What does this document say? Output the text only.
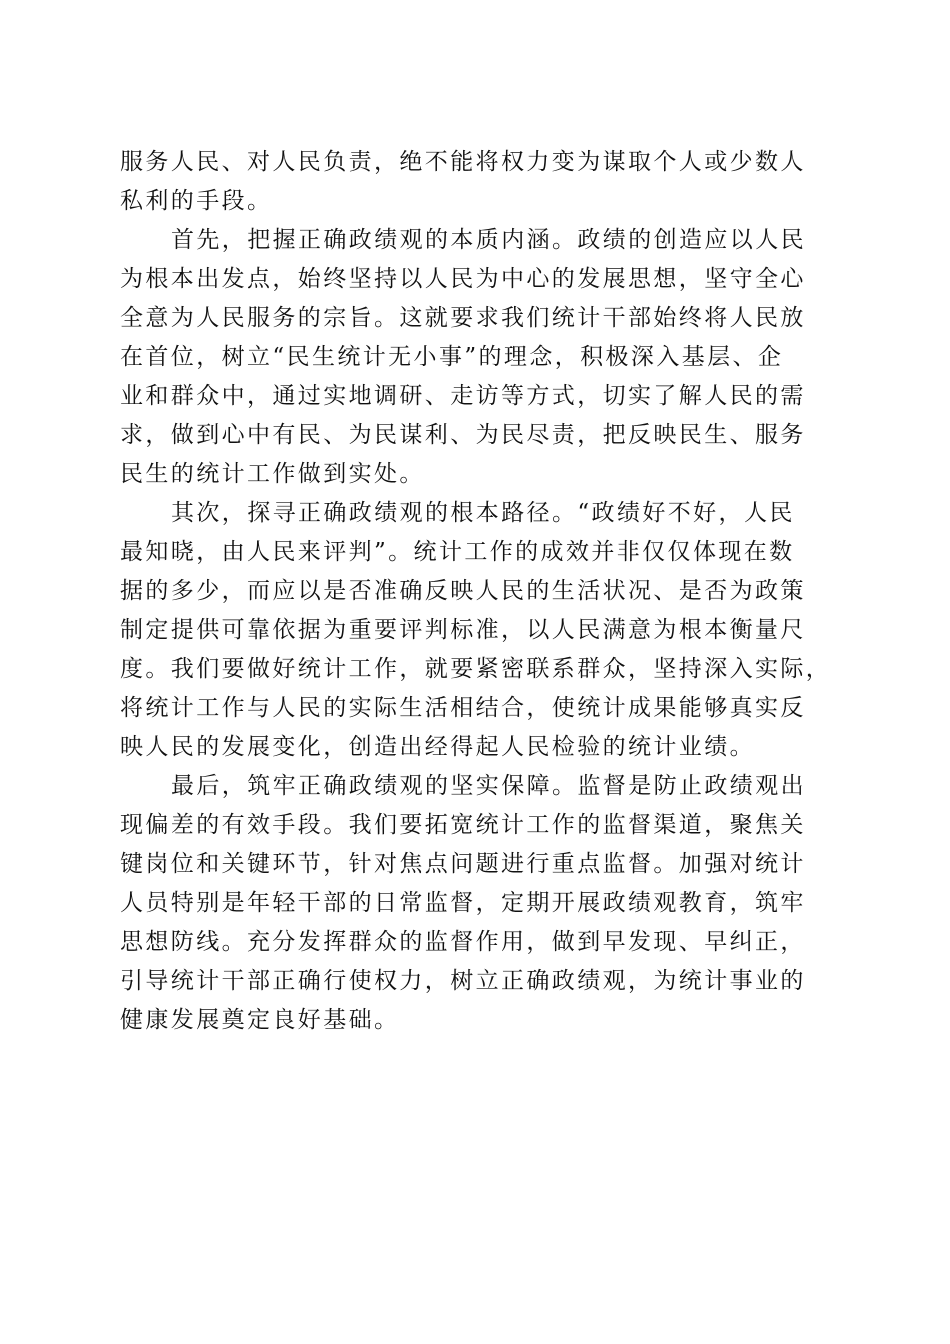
服务人民、对人民负责，绝不能将权力变为谋取个人或少数人
私利的手段。
首先，把握正确政绩观的本质内涵。政绩的创造应以人民
为根本出发点，始终坚持以人民为中心的发展思想，坚守全心
全意为人民服务的宗旨。这就要求我们统计干部始终将人民放
在首位，树立“民生统计无小事”的理念，积极深入基层、企
业和群众中，通过实地调研、走访等方式，切实了解人民的需
求，做到心中有民、为民谋利、为民尽责，把反映民生、服务
民生的统计工作做到实处。
其次，探寻正确政绩观的根本路径。“政绩好不好，人民
最知晓，由人民来评判”。统计工作的成效并非仅仅体现在数
据的多少，而应以是否准确反映人民的生活状况、是否为政策
制定提供可靠依据为重要评判标准，以人民满意为根本衡量尺
度。我们要做好统计工作，就要紧密联系群众，坚持深入实际，
将统计工作与人民的实际生活相结合，使统计成果能够真实反
映人民的发展变化，创造出经得起人民检验的统计业绩。
最后，筑牢正确政绩观的坚实保障。监督是防止政绩观出
现偏差的有效手段。我们要拓宽统计工作的监督渠道，聚焦关
键岗位和关键环节，针对焦点问题进行重点监督。加强对统计
人员特别是年轻干部的日常监督，定期开展政绩观教育，筑牢
思想防线。充分发挥群众的监督作用，做到早发现、早纠正，
引导统计干部正确行使权力，树立正确政绩观，为统计事业的
健康发展奠定良好基础。
